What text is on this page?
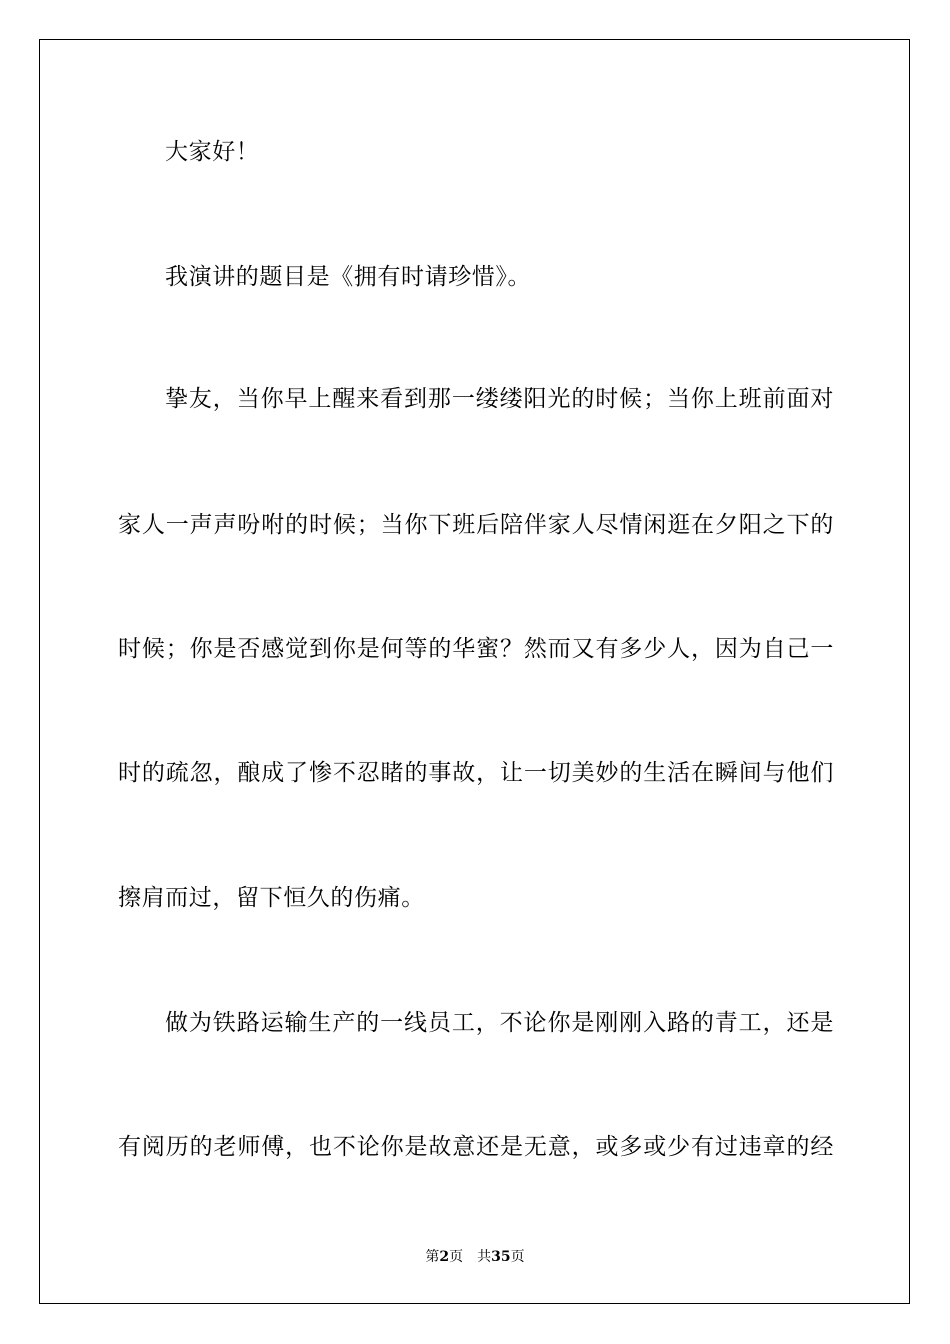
大家好！
我演讲的题目是《拥有时请珍惜》。
挚友，当你早上醒来看到那一缕缕阳光的时候；当你上班前面对
家人一声声吩咐的时候；当你下班后陪伴家人尽情闲逛在夕阳之下的
时候；你是否感觉到你是何等的华蜜？然而又有多少人，因为自己一
时的疏忽，酿成了惨不忍睹的事故，让一切美妙的生活在瞬间与他们
擦肩而过，留下恒久的伤痛。
做为铁路运输生产的一线员工，不论你是刚刚入路的青工，还是
有阅历的老师傅，也不论你是故意还是无意，或多或少有过违章的经
第2页 共35页
